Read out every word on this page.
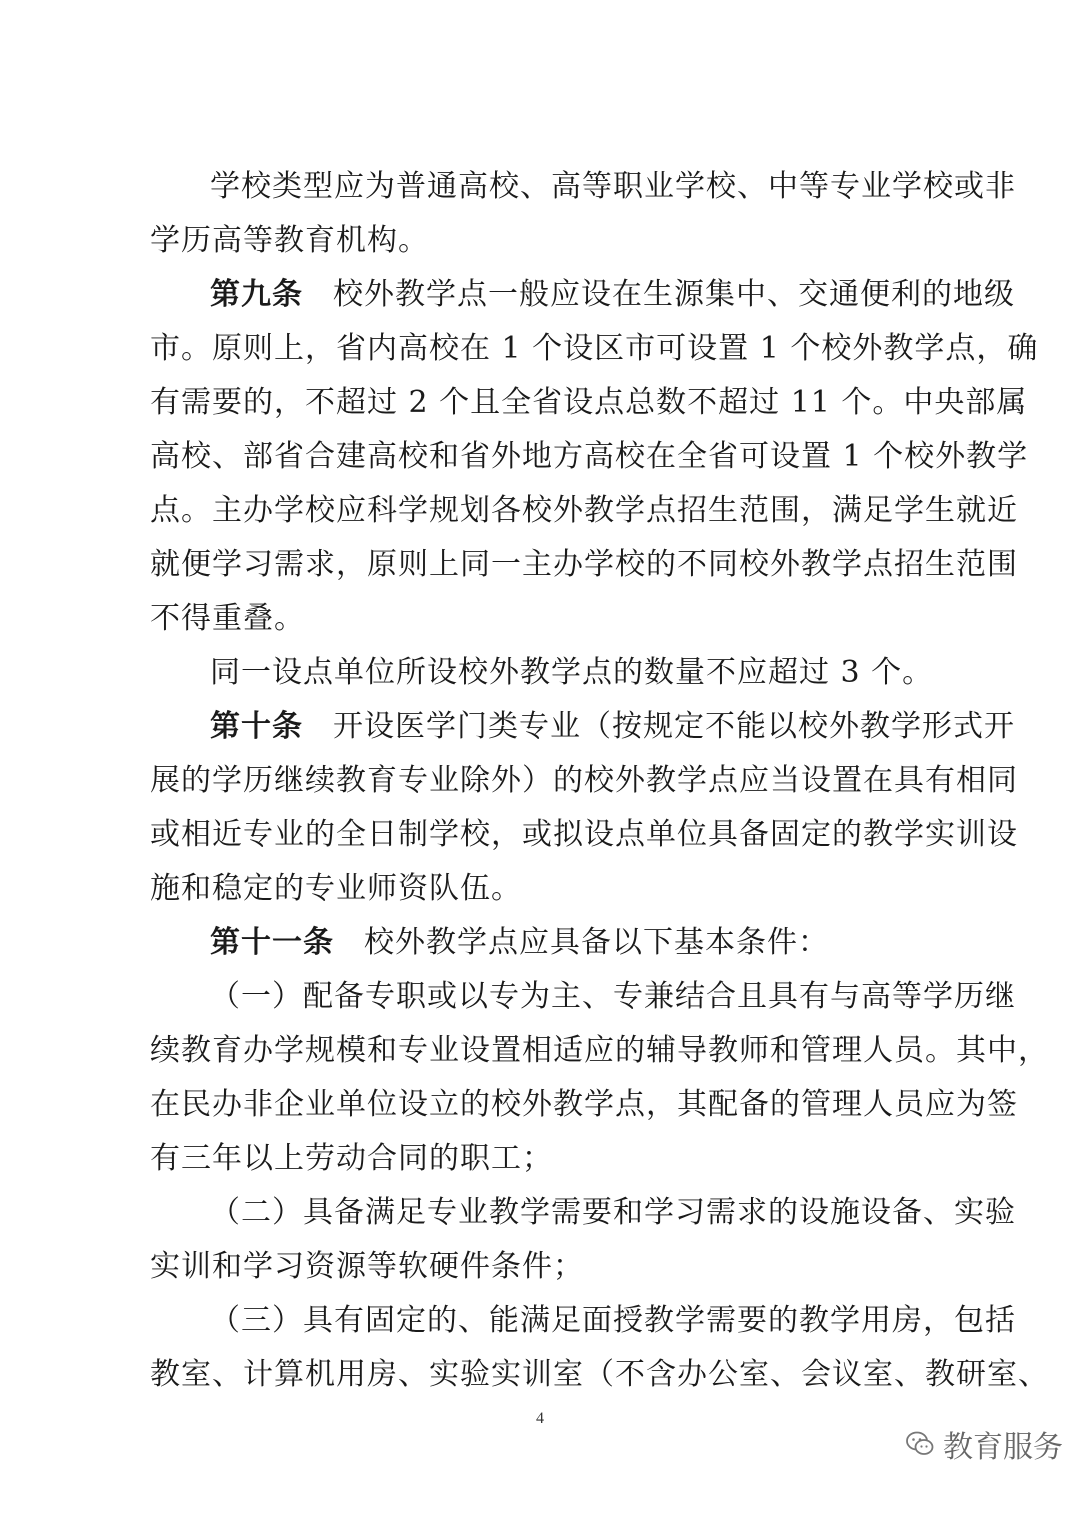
学校类型应为普通高校、高等职业学校、中等专业学校或非
学历高等教育机构。
第九条 校外教学点一般应设在生源集中、交通便利的地级
市。原则上，省内高校在 1 个设区市可设置 1 个校外教学点，确
有需要的，不超过 2 个且全省设点总数不超过 11 个。中央部属
高校、部省合建高校和省外地方高校在全省可设置 1 个校外教学
点。主办学校应科学规划各校外教学点招生范围，满足学生就近
就便学习需求，原则上同一主办学校的不同校外教学点招生范围
不得重叠。
同一设点单位所设校外教学点的数量不应超过 3 个。
第十条 开设医学门类专业（按规定不能以校外教学形式开
展的学历继续教育专业除外）的校外教学点应当设置在具有相同
或相近专业的全日制学校，或拟设点单位具备固定的教学实训设
施和稳定的专业师资队伍。
第十一条 校外教学点应具备以下基本条件：
（一）配备专职或以专为主、专兼结合且具有与高等学历继
续教育办学规模和专业设置相适应的辅导教师和管理人员。其中，
在民办非企业单位设立的校外教学点，其配备的管理人员应为签
有三年以上劳动合同的职工；
（二）具备满足专业教学需要和学习需求的设施设备、实验
实训和学习资源等软硬件条件；
（三）具有固定的、能满足面授教学需要的教学用房，包括
教室、计算机用房、实验实训室（不含办公室、会议室、教研室、
4
教育服务
